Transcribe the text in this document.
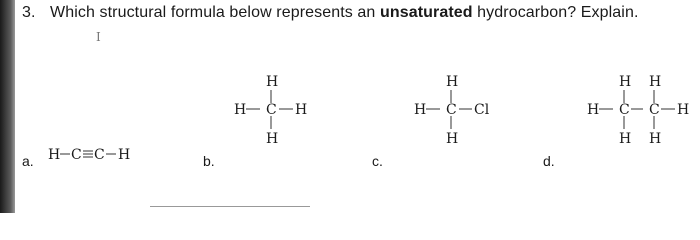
3. Which structural formula below represents an unsaturated hydrocarbon? Explain.
I
a.	b.	c.	d.
H C C H
H
H C H
H
H
H C Cl
H
H H
H C C H
H H
